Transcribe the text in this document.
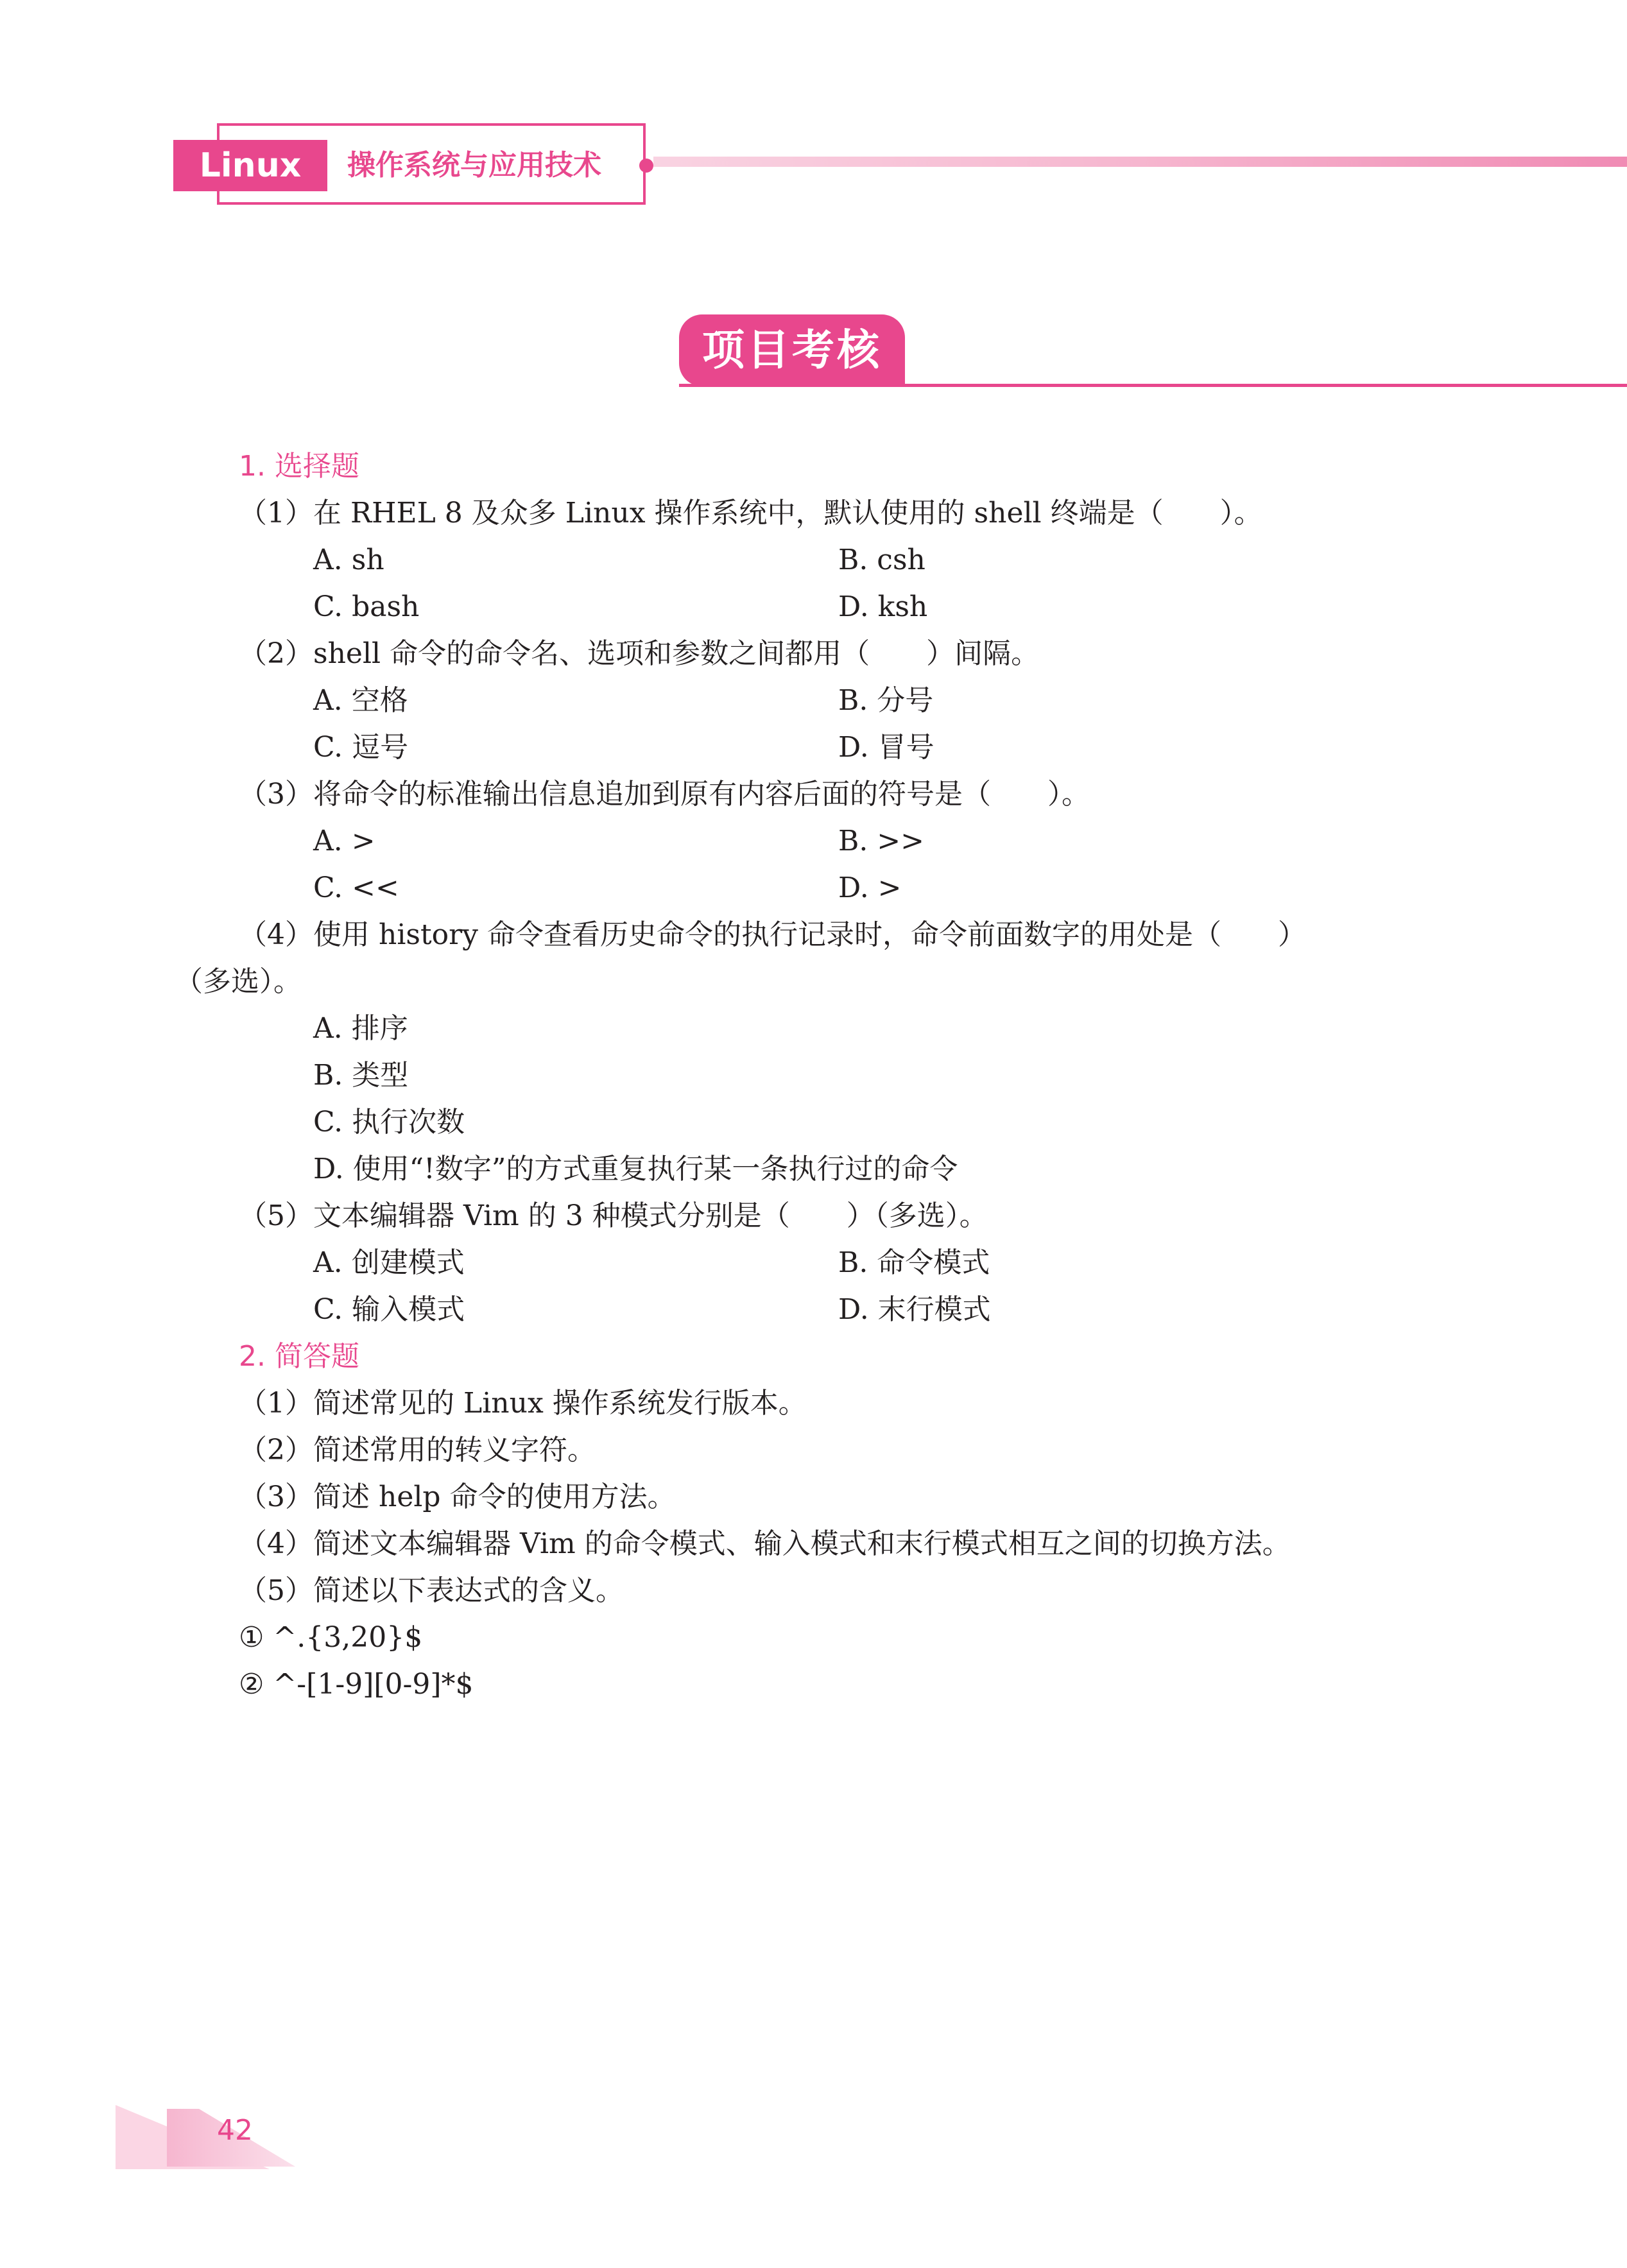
Linux	操作系统与应用技术
项目考核
1. 选择题
（1）在 RHEL 8 及众多 Linux 操作系统中，默认使用的 shell 终端是（　　）。
A. sh	B. csh
C. bash	D. ksh
（2）shell 命令的命令名、选项和参数之间都用（　　）间隔。
A. 空格	B. 分号
C. 逗号	D. 冒号
（3）将命令的标准输出信息追加到原有内容后面的符号是（　　）。
A. >	B. >>
C. <<	D. >
（4）使用 history 命令查看历史命令的执行记录时，命令前面数字的用处是（　　）
（多选）。
A. 排序
B. 类型
C. 执行次数
D. 使用“!数字”的方式重复执行某一条执行过的命令
（5）文本编辑器 Vim 的 3 种模式分别是（　　）（多选）。
A. 创建模式	B. 命令模式
C. 输入模式	D. 末行模式
2. 简答题
（1）简述常见的 Linux 操作系统发行版本。
（2）简述常用的转义字符。
（3）简述 help 命令的使用方法。
（4）简述文本编辑器 Vim 的命令模式、输入模式和末行模式相互之间的切换方法。
（5）简述以下表达式的含义。
① ^.{3,20}$
② ^-[1-9][0-9]*$
42
